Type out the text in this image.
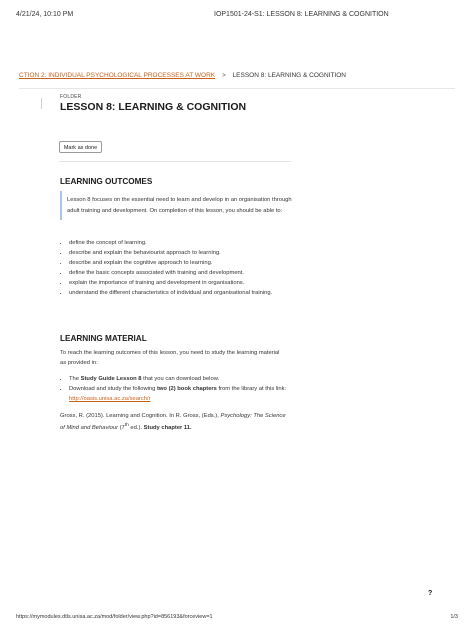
4/21/24, 10:10 PM	IOP1501-24-S1: LESSON 8: LEARNING & COGNITION
CTION 2: INDIVIDUAL PSYCHOLOGICAL PROCESSES AT WORK > LESSON 8: LEARNING & COGNITION
FOLDER
LESSON 8: LEARNING & COGNITION
Mark as done
LEARNING OUTCOMES
Lesson 8 focuses on the essential need to learn and develop in an organisation through adult training and development. On completion of this lesson, you should be able to:
• define the concept of learning.
• describe and explain the behaviourist approach to learning.
• describe and explain the cognitive approach to learning.
• define the basic concepts associated with training and development.
• explain the importance of training and development in organisations.
• understand the different characteristics of individual and organisational training.
LEARNING MATERIAL

To reach the learning outcomes of this lesson, you need to study the learning material as provided in:

• The Study Guide Lesson 8 that you can download below.
• Download and study the following two (2) book chapters from the library at this link: http://oasis.unisa.ac.za/search/r

Gross, R. (2015). Learning and Cognition. In R. Gross, (Eds.), Psychology: The Science of Mind and Behaviour (7th ed.). Study chapter 11.

?
https://mymodules.dtls.unisa.ac.za/mod/folder/view.php?id=856193&forceview=1	1/3
